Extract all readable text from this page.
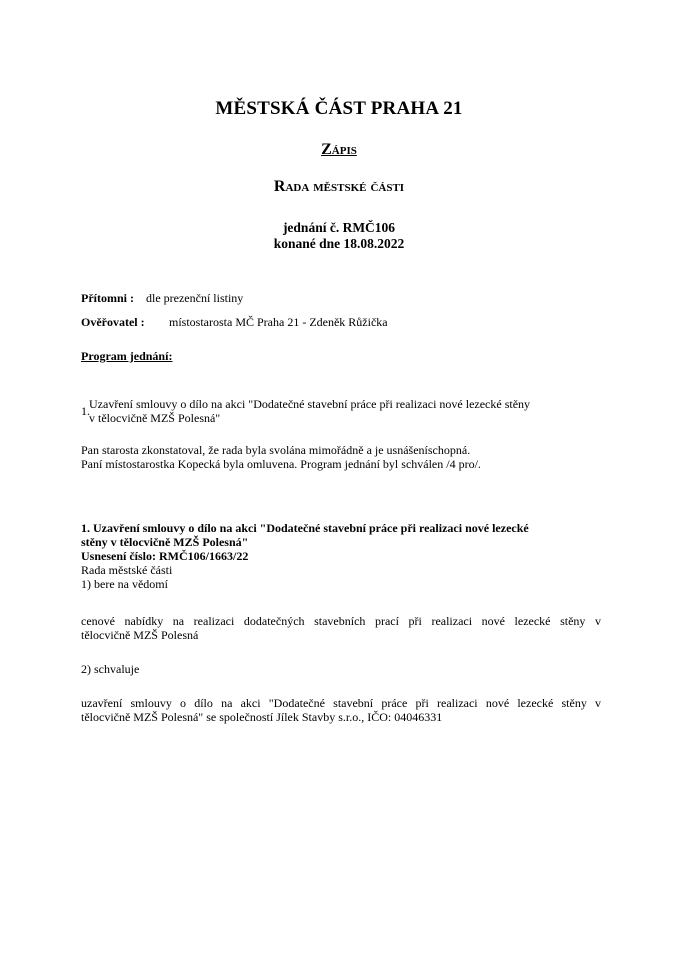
MĚSTSKÁ ČÁST PRAHA 21
Zápis
Rada městské části
jednání č. RMČ106
konané dne 18.08.2022
Přítomni : dle prezenční listiny
Ověřovatel : místostarosta MČ Praha 21 - Zdeněk Růžička
Program jednání:
1. Uzavření smlouvy o dílo na akci "Dodatečné stavební práce při realizaci nové lezecké stěny
v tělocvičně MZŠ Polesná"
Pan starosta zkonstatoval, že rada byla svolána mimořádně a je usnášeníschopná.
Paní místostarostka Kopecká byla omluvena. Program jednání byl schválen /4 pro/.
1. Uzavření smlouvy o dílo na akci "Dodatečné stavební práce při realizaci nové lezecké
stěny v tělocvičně MZŠ Polesná"
Usnesení číslo: RMČ106/1663/22
Rada městské části
1) bere na vědomí
cenové nabídky na realizaci dodatečných stavebních prací při realizaci nové lezecké stěny v
tělocvičně MZŠ Polesná
2) schvaluje
uzavření smlouvy o dílo na akci "Dodatečné stavební práce při realizaci nové lezecké stěny v
tělocvičně MZŠ Polesná" se společností Jílek Stavby s.r.o., IČO: 04046331
